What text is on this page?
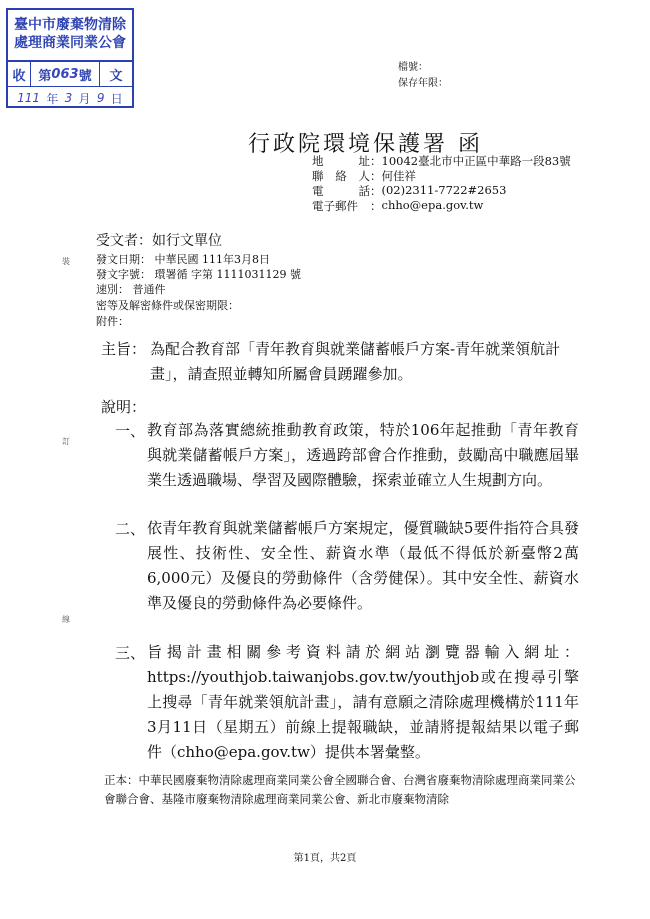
臺中市廢棄物清除
處理商業同業公會
收 第 063 號	文
111 年 3 月 9 日
檔號：
保存年限：
行政院環境保護署 函
地	址 ： 10042臺北市中正區中華路一段83號
聯 絡 人 ： 何佳祥
電	話 ： (02)2311-7722#2653
電子郵件 ： chho@epa.gov.tw
受文者：如行文單位
發文日期： 中華民國 111年3月8日
發文字號： 環署循 字第 1111031129 號
速別： 普通件
密等及解密條件或保密期限：
附件：
裝
訂
線
主旨： 為配合教育部「青年教育與就業儲蓄帳戶方案-青年就業領航計畫」，請查照並轉知所屬會員踴躍參加。
說明：
一、 教育部為落實總統推動教育政策，特於106年起推動「青年教育與就業儲蓄帳戶方案」，透過跨部會合作推動，鼓勵高中職應屆畢業生透過職場、學習及國際體驗，探索並確立人生規劃方向。
二、 依青年教育與就業儲蓄帳戶方案規定，優質職缺5要件指符合具發展性、技術性、安全性、薪資水準（最低不得低於新臺幣2萬6,000元）及優良的勞動條件（含勞健保）。其中安全性、薪資水準及優良的勞動條件為必要條件。
三、 旨揭計畫相關參考資料請於網站瀏覽器輸入網址：https://youthjob.taiwanjobs.gov.tw/youthjob或在搜尋引擎上搜尋「青年就業領航計畫」，請有意願之清除處理機構於111年3月11日（星期五）前線上提報職缺，並請將提報結果以電子郵件（chho@epa.gov.tw）提供本署彙整。
正本：中華民國廢棄物清除處理商業同業公會全國聯合會、台灣省廢棄物清除處理商業同業公會聯合會、基隆市廢棄物清除處理商業同業公會、新北市廢棄物清除
第1頁，共2頁
